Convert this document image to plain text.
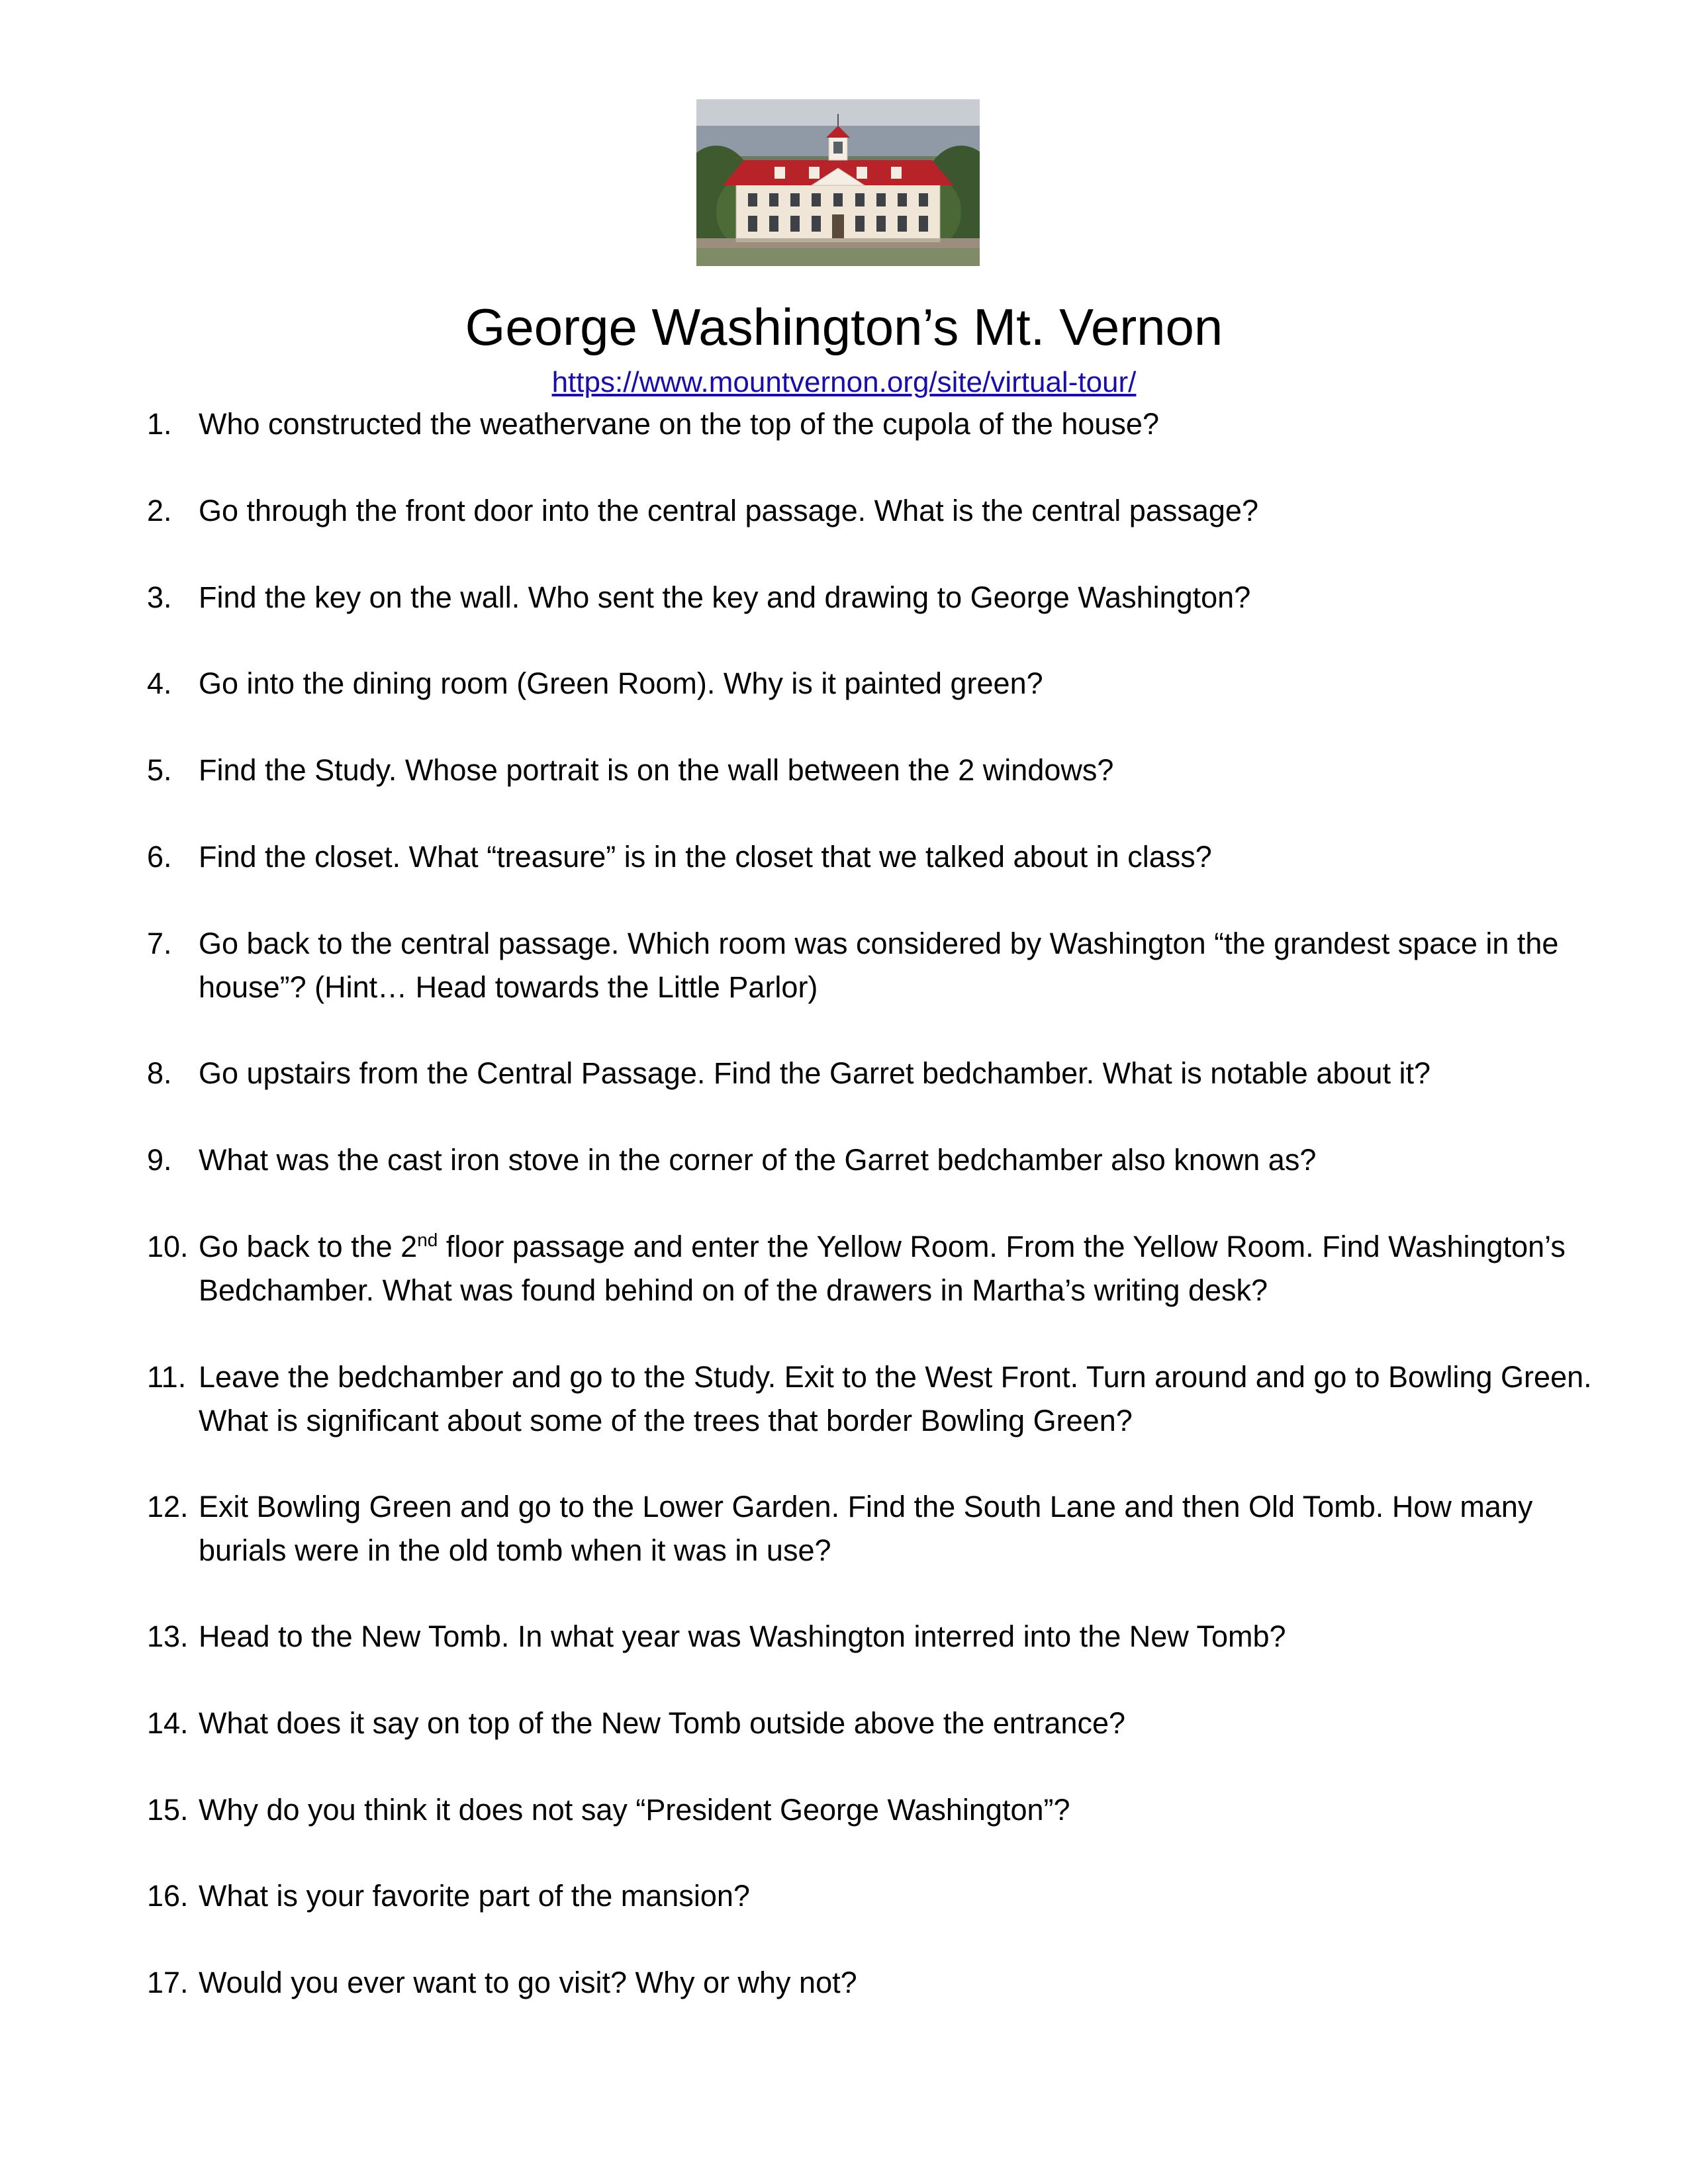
George Washington’s Mt. Vernon
https://www.mountvernon.org/site/virtual-tour/
1. Who constructed the weathervane on the top of the cupola of the house?
2. Go through the front door into the central passage. What is the central passage?
3. Find the key on the wall. Who sent the key and drawing to George Washington?
4. Go into the dining room (Green Room). Why is it painted green?
5. Find the Study. Whose portrait is on the wall between the 2 windows?
6. Find the closet. What “treasure” is in the closet that we talked about in class?
7. Go back to the central passage. Which room was considered by Washington “the grandest space in the house”? (Hint… Head towards the Little Parlor)
8. Go upstairs from the Central Passage. Find the Garret bedchamber. What is notable about it?
9. What was the cast iron stove in the corner of the Garret bedchamber also known as?
10. Go back to the 2nd floor passage and enter the Yellow Room. From the Yellow Room. Find Washington’s Bedchamber. What was found behind on of the drawers in Martha’s writing desk?
11. Leave the bedchamber and go to the Study. Exit to the West Front. Turn around and go to Bowling Green. What is significant about some of the trees that border Bowling Green?
12. Exit Bowling Green and go to the Lower Garden. Find the South Lane and then Old Tomb. How many burials were in the old tomb when it was in use?
13. Head to the New Tomb. In what year was Washington interred into the New Tomb?
14. What does it say on top of the New Tomb outside above the entrance?
15. Why do you think it does not say “President George Washington”?
16. What is your favorite part of the mansion?
17. Would you ever want to go visit? Why or why not?
